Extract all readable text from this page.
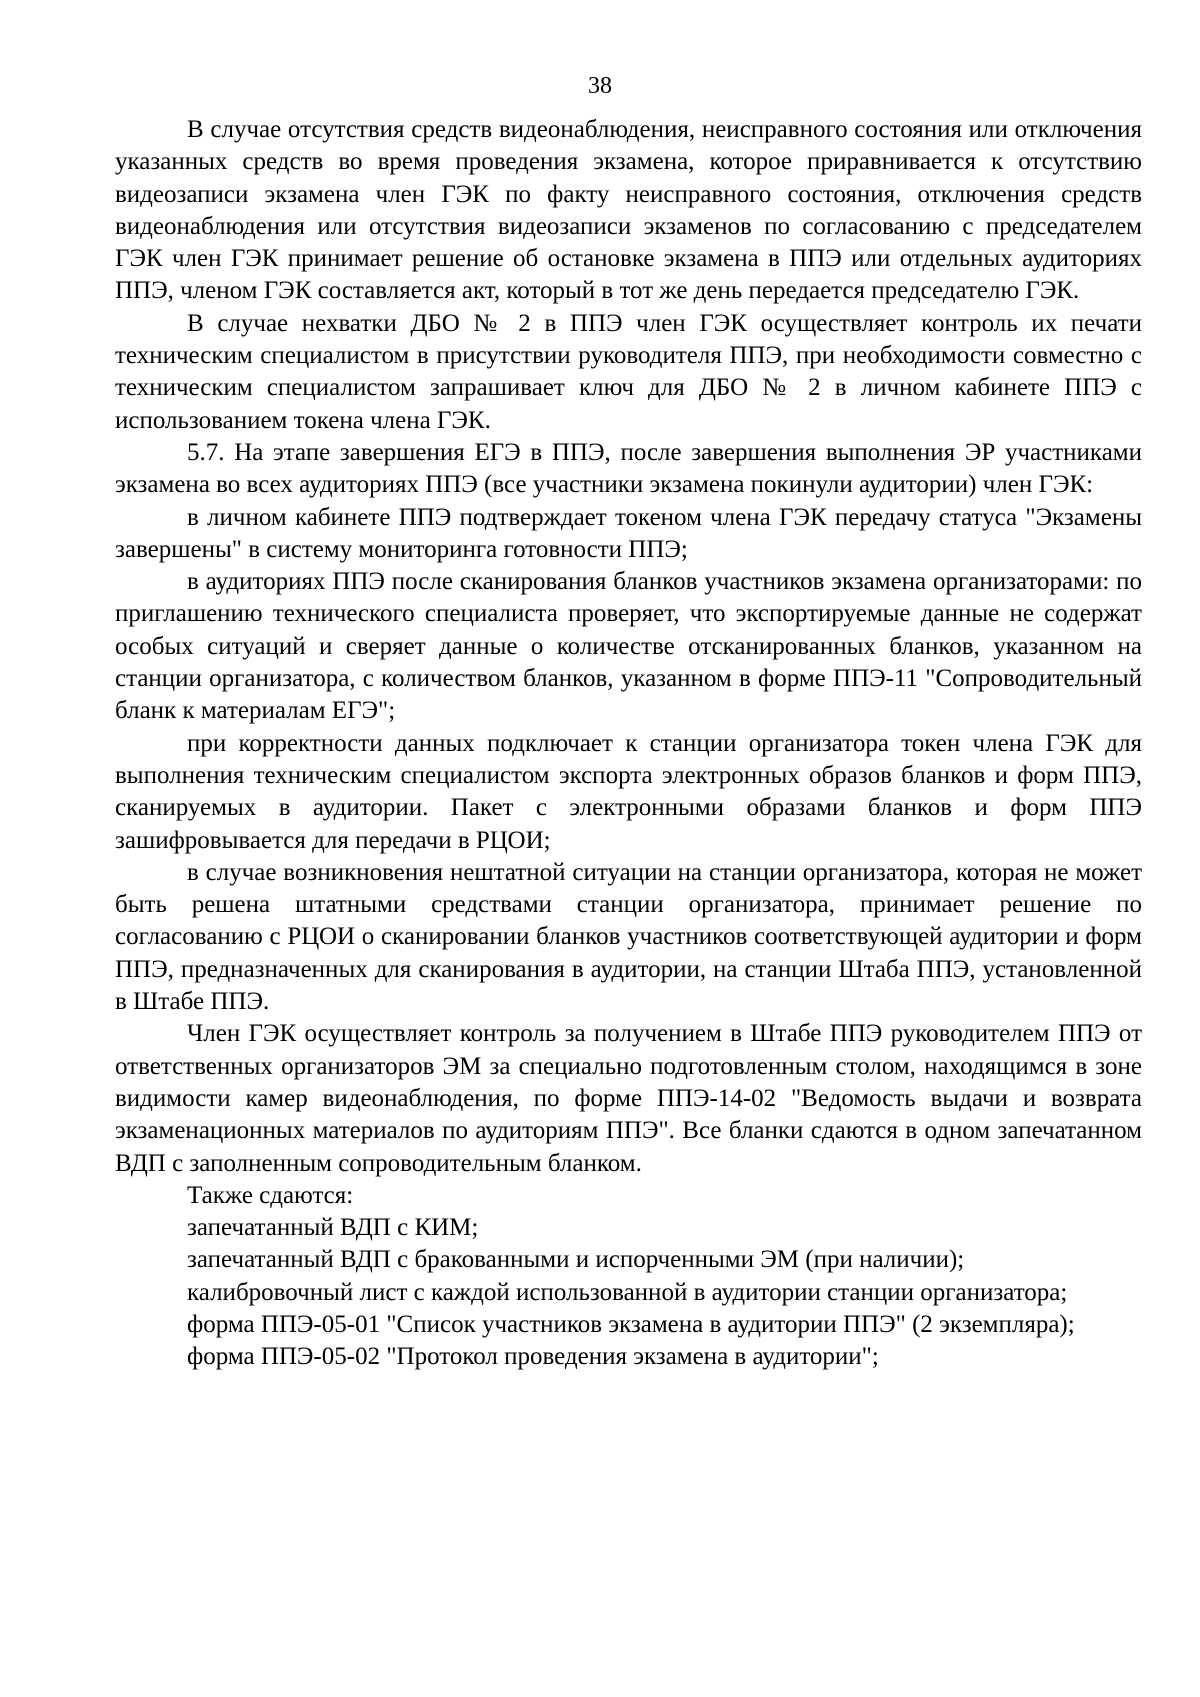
38

В случае отсутствия средств видеонаблюдения, неисправного состояния или отключения указанных средств во время проведения экзамена, которое приравнивается к отсутствию видеозаписи экзамена член ГЭК по факту неисправного состояния, отключения средств видеонаблюдения или отсутствия видеозаписи экзаменов по согласованию с председателем ГЭК член ГЭК принимает решение об остановке экзамена в ППЭ или отдельных аудиториях ППЭ, членом ГЭК составляется акт, который в тот же день передается председателю ГЭК.

В случае нехватки ДБО № 2 в ППЭ член ГЭК осуществляет контроль их печати техническим специалистом в присутствии руководителя ППЭ, при необходимости совместно с техническим специалистом запрашивает ключ для ДБО № 2 в личном кабинете ППЭ с использованием токена члена ГЭК.

5.7. На этапе завершения ЕГЭ в ППЭ, после завершения выполнения ЭР участниками экзамена во всех аудиториях ППЭ (все участники экзамена покинули аудитории) член ГЭК:

в личном кабинете ППЭ подтверждает токеном члена ГЭК передачу статуса "Экзамены завершены" в систему мониторинга готовности ППЭ;

в аудиториях ППЭ после сканирования бланков участников экзамена организаторами: по приглашению технического специалиста проверяет, что экспортируемые данные не содержат особых ситуаций и сверяет данные о количестве отсканированных бланков, указанном на станции организатора, с количеством бланков, указанном в форме ППЭ-11 "Сопроводительный бланк к материалам ЕГЭ";

при корректности данных подключает к станции организатора токен члена ГЭК для выполнения техническим специалистом экспорта электронных образов бланков и форм ППЭ, сканируемых в аудитории. Пакет с электронными образами бланков и форм ППЭ зашифровывается для передачи в РЦОИ;

в случае возникновения нештатной ситуации на станции организатора, которая не может быть решена штатными средствами станции организатора, принимает решение по согласованию с РЦОИ о сканировании бланков участников соответствующей аудитории и форм ППЭ, предназначенных для сканирования в аудитории, на станции Штаба ППЭ, установленной в Штабе ППЭ.

Член ГЭК осуществляет контроль за получением в Штабе ППЭ руководителем ППЭ от ответственных организаторов ЭМ за специально подготовленным столом, находящимся в зоне видимости камер видеонаблюдения, по форме ППЭ-14-02 "Ведомость выдачи и возврата экзаменационных материалов по аудиториям ППЭ". Все бланки сдаются в одном запечатанном ВДП с заполненным сопроводительным бланком.

Также сдаются:

запечатанный ВДП с КИМ;

запечатанный ВДП с бракованными и испорченными ЭМ (при наличии);

калибровочный лист с каждой использованной в аудитории станции организатора;

форма ППЭ-05-01 "Список участников экзамена в аудитории ППЭ" (2 экземпляра);

форма ППЭ-05-02 "Протокол проведения экзамена в аудитории";
